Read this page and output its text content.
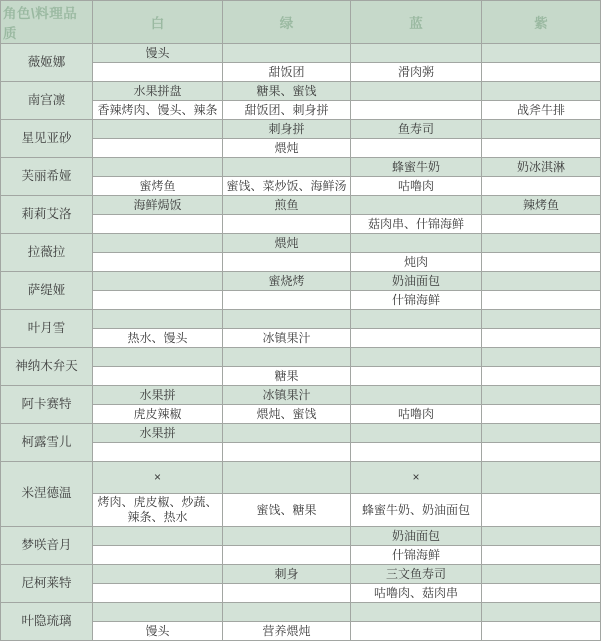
角色\料理品质	白	绿	蓝	紫
薇姬娜	馒头			
		甜饭团	滑肉粥	
南宫凛	水果拼盘	糖果、蜜饯		
	香辣烤肉、馒头、辣条	甜饭团、刺身拼		战斧牛排
星见亚砂		刺身拼	鱼寿司	
		煨炖		
芙丽希娅			蜂蜜牛奶	奶冰淇淋
	蜜烤鱼	蜜饯、菜炒饭、海鲜汤	咕噜肉	
莉莉艾洛	海鲜焗饭	煎鱼		辣烤鱼
			菇肉串、什锦海鲜	
拉薇拉		煨炖		
			炖肉	
萨缇娅		蜜烧烤	奶油面包	
			什锦海鲜	
叶月雪				
	热水、馒头	冰镇果汁		
神纳木弁天				
		糖果		
阿卡赛特	水果拼	冰镇果汁		
	虎皮辣椒	煨炖、蜜饯	咕噜肉	
柯露雪儿	水果拼			

米涅德温	×		×	
	烤肉、虎皮椒、炒蔬、辣条、热水	蜜饯、糖果	蜂蜜牛奶、奶油面包	
梦咲音月			奶油面包	
			什锦海鲜	
尼柯莱特		刺身	三文鱼寿司	
			咕噜肉、菇肉串	
叶隐琉璃				
	馒头	营养煨炖		
